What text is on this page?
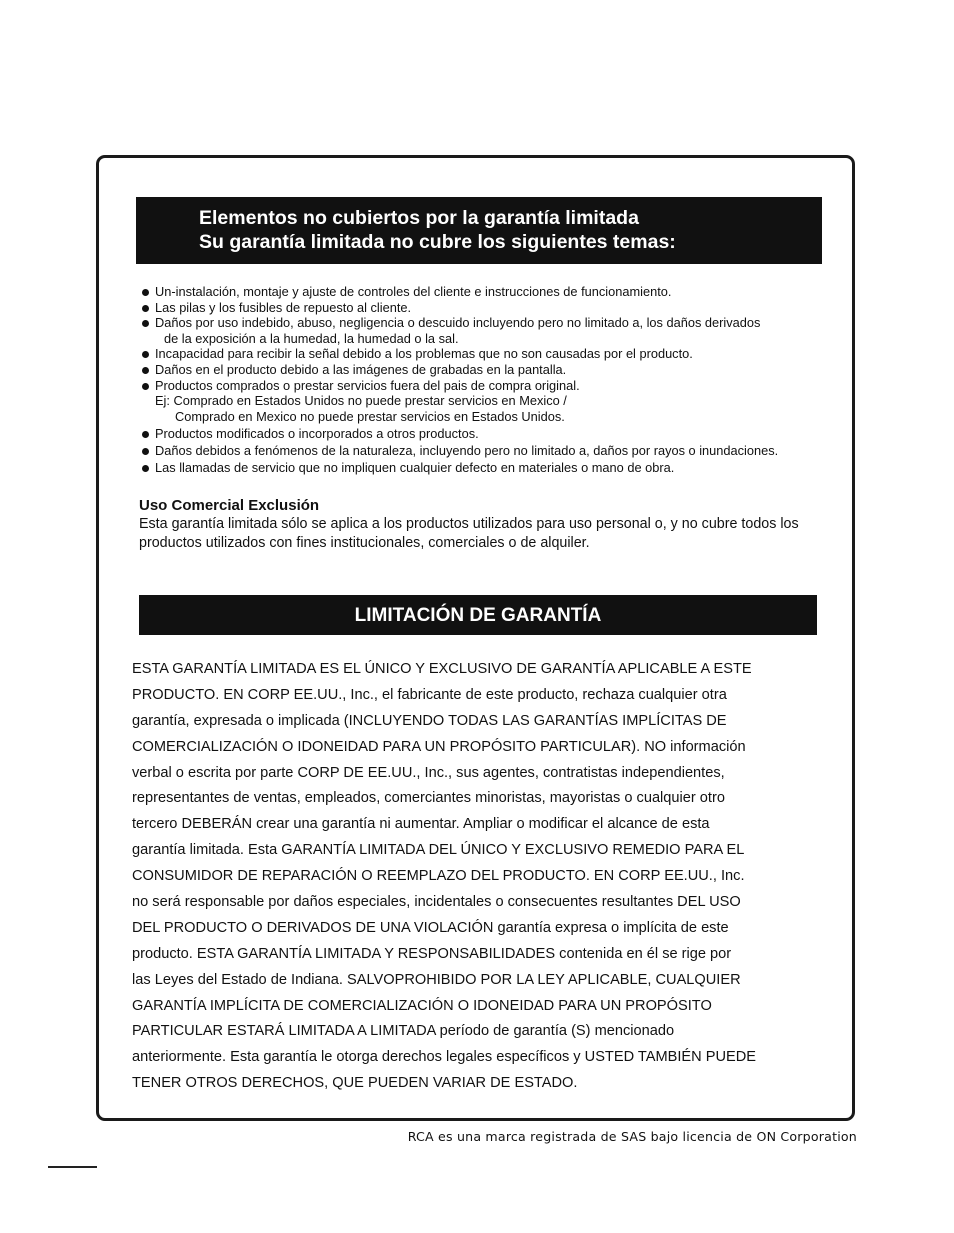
Elementos no cubiertos por la garantía limitada
Su garantía limitada no cubre los siguientes temas:
Un-instalación, montaje y ajuste de controles del cliente e instrucciones de funcionamiento.
Las pilas y los fusibles de repuesto al cliente.
Daños por uso indebido, abuso, negligencia o descuido incluyendo pero no limitado a, los daños derivados
de la exposición a la humedad, la humedad o la sal.
Incapacidad para recibir la señal debido a los problemas que no son causadas por el producto.
Daños en el producto debido a las imágenes de grabadas en la pantalla.
Productos comprados o prestar servicios fuera del pais de compra original.
Ej: Comprado en Estados Unidos no puede prestar servicios en Mexico /
Comprado en Mexico no puede prestar servicios en Estados Unidos.
Productos modificados o incorporados a otros productos.
Daños debidos a fenómenos de la naturaleza, incluyendo pero no limitado a, daños por rayos o inundaciones.
Las llamadas de servicio que no impliquen cualquier defecto en materiales o mano de obra.
Uso Comercial Exclusión
Esta garantía limitada sólo se aplica a los productos utilizados para uso personal o, y no cubre todos los productos utilizados con fines institucionales, comerciales o de alquiler.
LIMITACIÓN DE GARANTÍA
ESTA GARANTÍA LIMITADA ES EL ÚNICO Y EXCLUSIVO DE GARANTÍA APLICABLE A ESTE
PRODUCTO. EN CORP EE.UU., Inc., el fabricante de este producto, rechaza cualquier otra
garantía, expresada o implicada (INCLUYENDO TODAS LAS GARANTÍAS IMPLÍCITAS DE
COMERCIALIZACIÓN O IDONEIDAD PARA UN PROPÓSITO PARTICULAR). NO información
verbal o escrita por parte CORP DE EE.UU., Inc., sus agentes, contratistas independientes,
representantes de ventas, empleados, comerciantes minoristas, mayoristas o cualquier otro
tercero DEBERÁN crear una garantía ni aumentar. Ampliar o modificar el alcance de esta
garantía limitada. Esta GARANTÍA LIMITADA DEL ÚNICO Y EXCLUSIVO REMEDIO PARA EL
CONSUMIDOR DE REPARACIÓN O REEMPLAZO DEL PRODUCTO. EN CORP EE.UU., Inc.
no será responsable por daños especiales, incidentales o consecuentes resultantes DEL USO
DEL PRODUCTO O DERIVADOS DE UNA VIOLACIÓN garantía expresa o implícita de este
producto. ESTA GARANTÍA LIMITADA Y RESPONSABILIDADES contenida en él se rige por
las Leyes del Estado de Indiana. SALVOPROHIBIDO POR LA LEY APLICABLE, CUALQUIER
GARANTÍA IMPLÍCITA DE COMERCIALIZACIÓN O IDONEIDAD PARA UN PROPÓSITO
PARTICULAR ESTARÁ LIMITADA A LIMITADA período de garantía (S) mencionado
anteriormente. Esta garantía le otorga derechos legales específicos y USTED TAMBIÉN PUEDE
TENER OTROS DERECHOS, QUE PUEDEN VARIAR DE ESTADO.
RCA es una marca registrada de SAS bajo licencia de ON Corporation
